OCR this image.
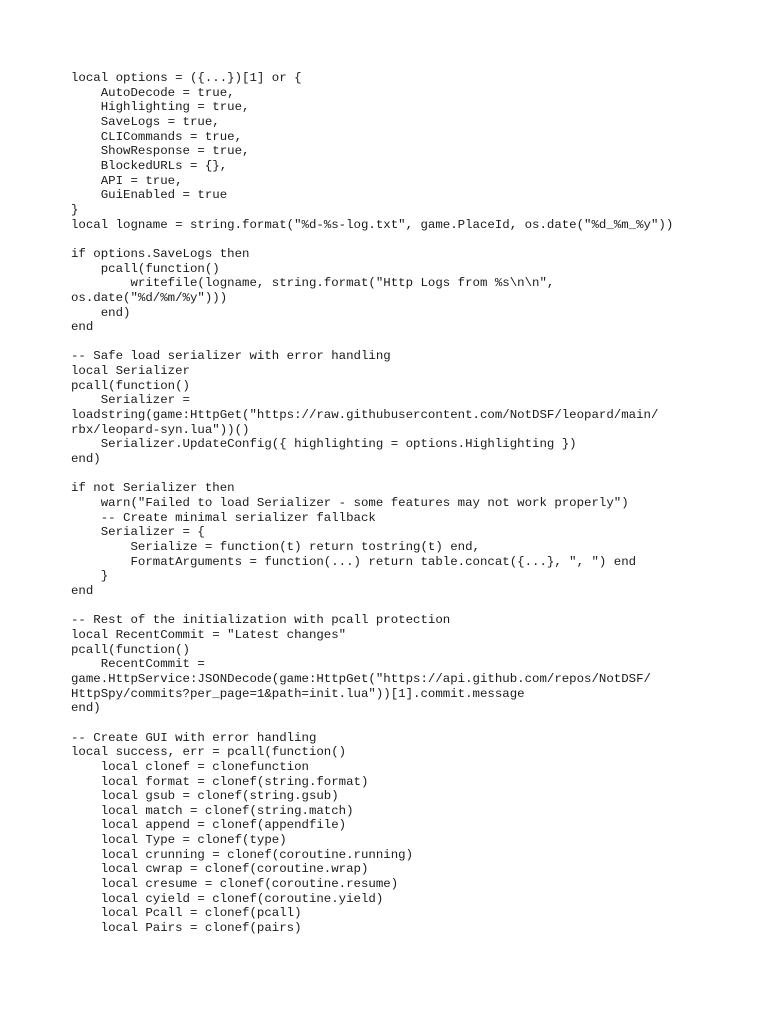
local options = ({...})[1] or {
AutoDecode = true,
Highlighting = true,
SaveLogs = true,
CLICommands = true,
ShowResponse = true,
BlockedURLs = {},
API = true,
GuiEnabled = true
}
local logname = string.format("%d-%s-log.txt", game.PlaceId, os.date("%d_%m_%y"))
if options.SaveLogs then
pcall(function()
writefile(logname, string.format("Http Logs from %s\n\n",
os.date("%d/%m/%y")))
end)
end
-- Safe load serializer with error handling
local Serializer
pcall(function()
Serializer =
loadstring(game:HttpGet("https://raw.githubusercontent.com/NotDSF/leopard/main/
rbx/leopard-syn.lua"))()
Serializer.UpdateConfig({ highlighting = options.Highlighting })
end)
if not Serializer then
warn("Failed to load Serializer - some features may not work properly")
-- Create minimal serializer fallback
Serializer = {
Serialize = function(t) return tostring(t) end,
FormatArguments = function(...) return table.concat({...}, ", ") end
}
end
-- Rest of the initialization with pcall protection
local RecentCommit = "Latest changes"
pcall(function()
RecentCommit =
game.HttpService:JSONDecode(game:HttpGet("https://api.github.com/repos/NotDSF/
HttpSpy/commits?per_page=1&path=init.lua"))[1].commit.message
end)
-- Create GUI with error handling
local success, err = pcall(function()
local clonef = clonefunction
local format = clonef(string.format)
local gsub = clonef(string.gsub)
local match = clonef(string.match)
local append = clonef(appendfile)
local Type = clonef(type)
local crunning = clonef(coroutine.running)
local cwrap = clonef(coroutine.wrap)
local cresume = clonef(coroutine.resume)
local cyield = clonef(coroutine.yield)
local Pcall = clonef(pcall)
local Pairs = clonef(pairs)
